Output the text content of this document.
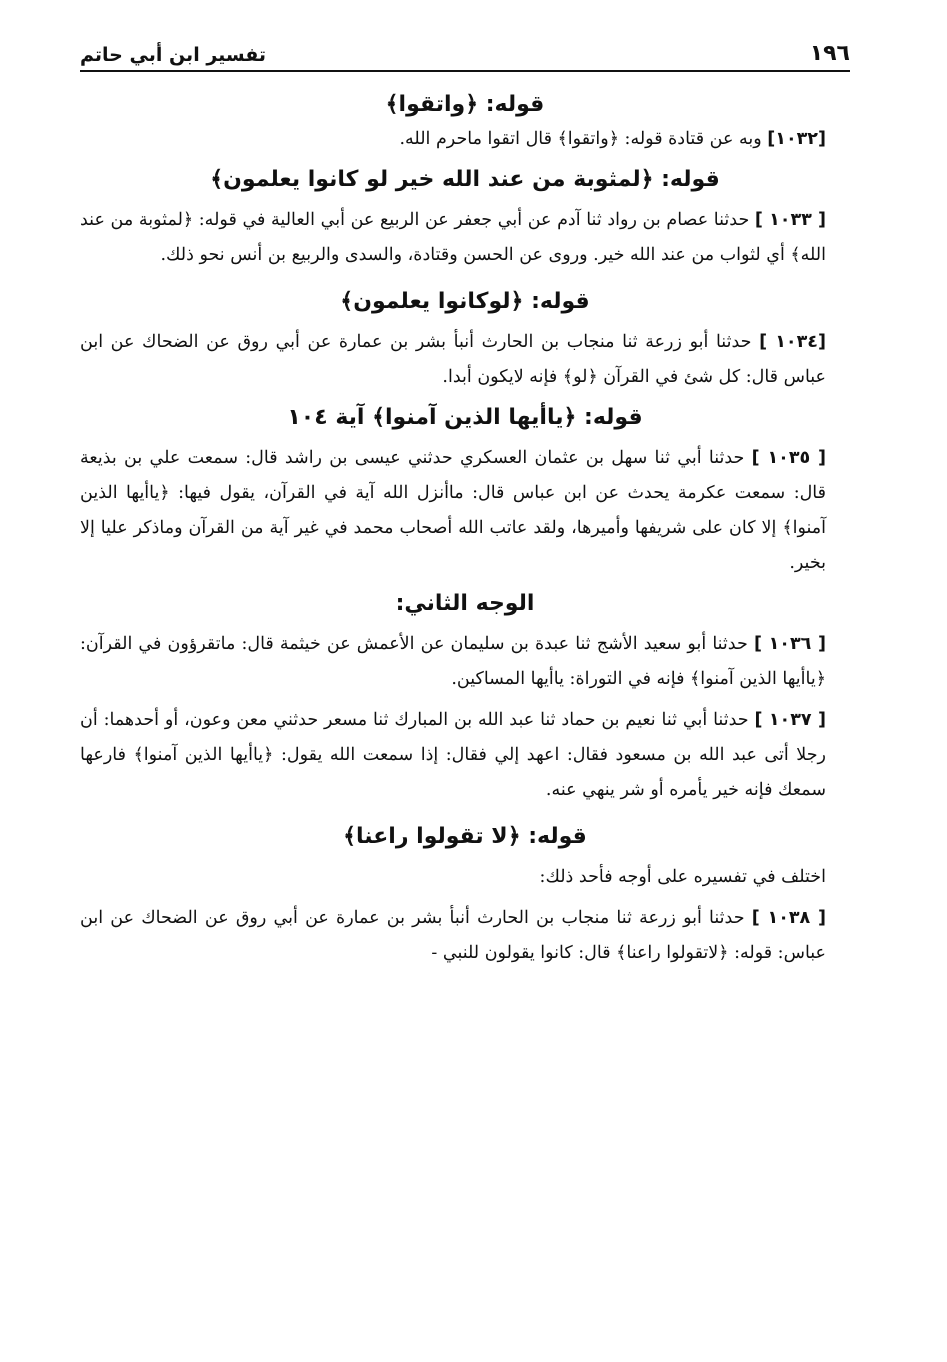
١٩٦
تفسير ابن أبي حاتم
قوله: ﴿واتقوا﴾

[١٠٣٢] وبه عن قتادة قوله: ﴿واتقوا﴾ قال اتقوا ماحرم الله.

قوله: ﴿لمثوبة من عند الله خير لو كانوا يعلمون﴾

[ ١٠٣٣ ] حدثنا عصام بن رواد ثنا آدم عن أبي جعفر عن الربيع عن أبي العالية في قوله: ﴿لمثوبة من عند الله﴾ أي لثواب من عند الله خير. وروى عن الحسن وقتادة، والسدى والربيع بن أنس نحو ذلك.

قوله: ﴿لوكانوا يعلمون﴾

[١٠٣٤ ] حدثنا أبو زرعة ثنا منجاب بن الحارث أنبأ بشر بن عمارة عن أبي روق عن الضحاك عن ابن عباس قال: كل شئ في القرآن ﴿لو﴾ فإنه لايكون أبدا.

قوله: ﴿ياأيها الذين آمنوا﴾ آية ١٠٤

[ ١٠٣٥ ] حدثنا أبي ثنا سهل بن عثمان العسكري حدثني عيسى بن راشد قال: سمعت علي بن بذيعة قال: سمعت عكرمة يحدث عن ابن عباس قال: ماأنزل الله آية في القرآن، يقول فيها: ﴿ياأيها الذين آمنوا﴾ إلا كان على شريفها وأميرها، ولقد عاتب الله أصحاب محمد في غير آية من القرآن وماذكر عليا إلا بخير.

الوجه الثاني:

[ ١٠٣٦ ] حدثنا أبو سعيد الأشج ثنا عبدة بن سليمان عن الأعمش عن خيثمة قال: ماتقرؤون في القرآن: ﴿ياأيها الذين آمنوا﴾ فإنه في التوراة: ياأيها المساكين.

[ ١٠٣٧ ] حدثنا أبي ثنا نعيم بن حماد ثنا عبد الله بن المبارك ثنا مسعر حدثني معن وعون، أو أحدهما: أن رجلا أتى عبد الله بن مسعود فقال: اعهد إلي فقال: إذا سمعت الله يقول: ﴿ياأيها الذين آمنوا﴾ فارعها سمعك فإنه خير يأمره أو شر ينهي عنه.

قوله: ﴿لا تقولوا راعنا﴾

اختلف في تفسيره على أوجه فأحد ذلك:

[ ١٠٣٨ ] حدثنا أبو زرعة ثنا منجاب بن الحارث أنبأ بشر بن عمارة عن أبي روق عن الضحاك عن ابن عباس: قوله: ﴿لاتقولوا راعنا﴾ قال: كانوا يقولون للنبي -
